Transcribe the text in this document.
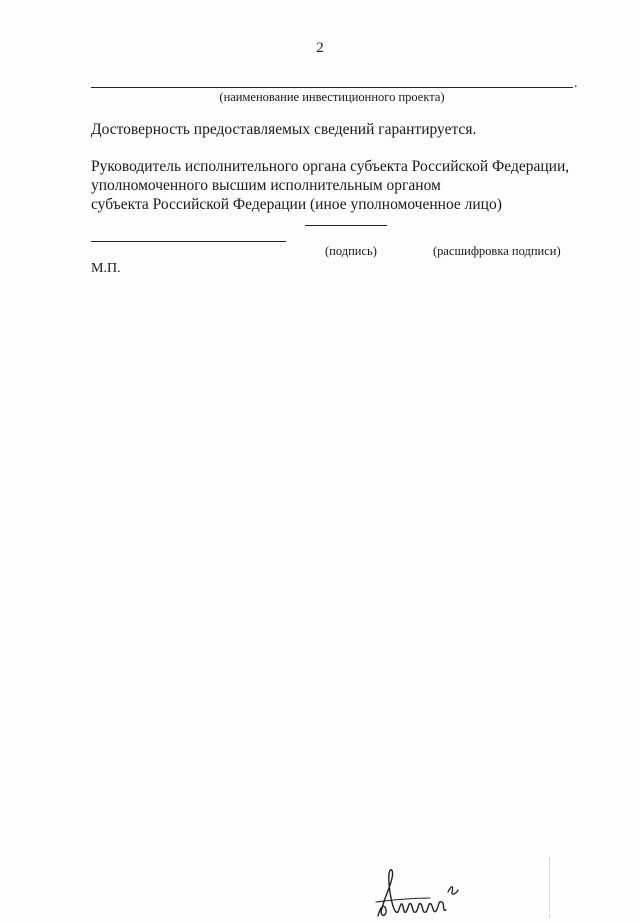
2
.
(наименование инвестиционного проекта)
Достоверность предоставляемых сведений гарантируется.
Руководитель исполнительного органа субъекта Российской Федерации,
уполномоченного высшим исполнительным органом
субъекта Российской Федерации (иное уполномоченное лицо)
(подпись)	(расшифровка подписи)
М.П.
